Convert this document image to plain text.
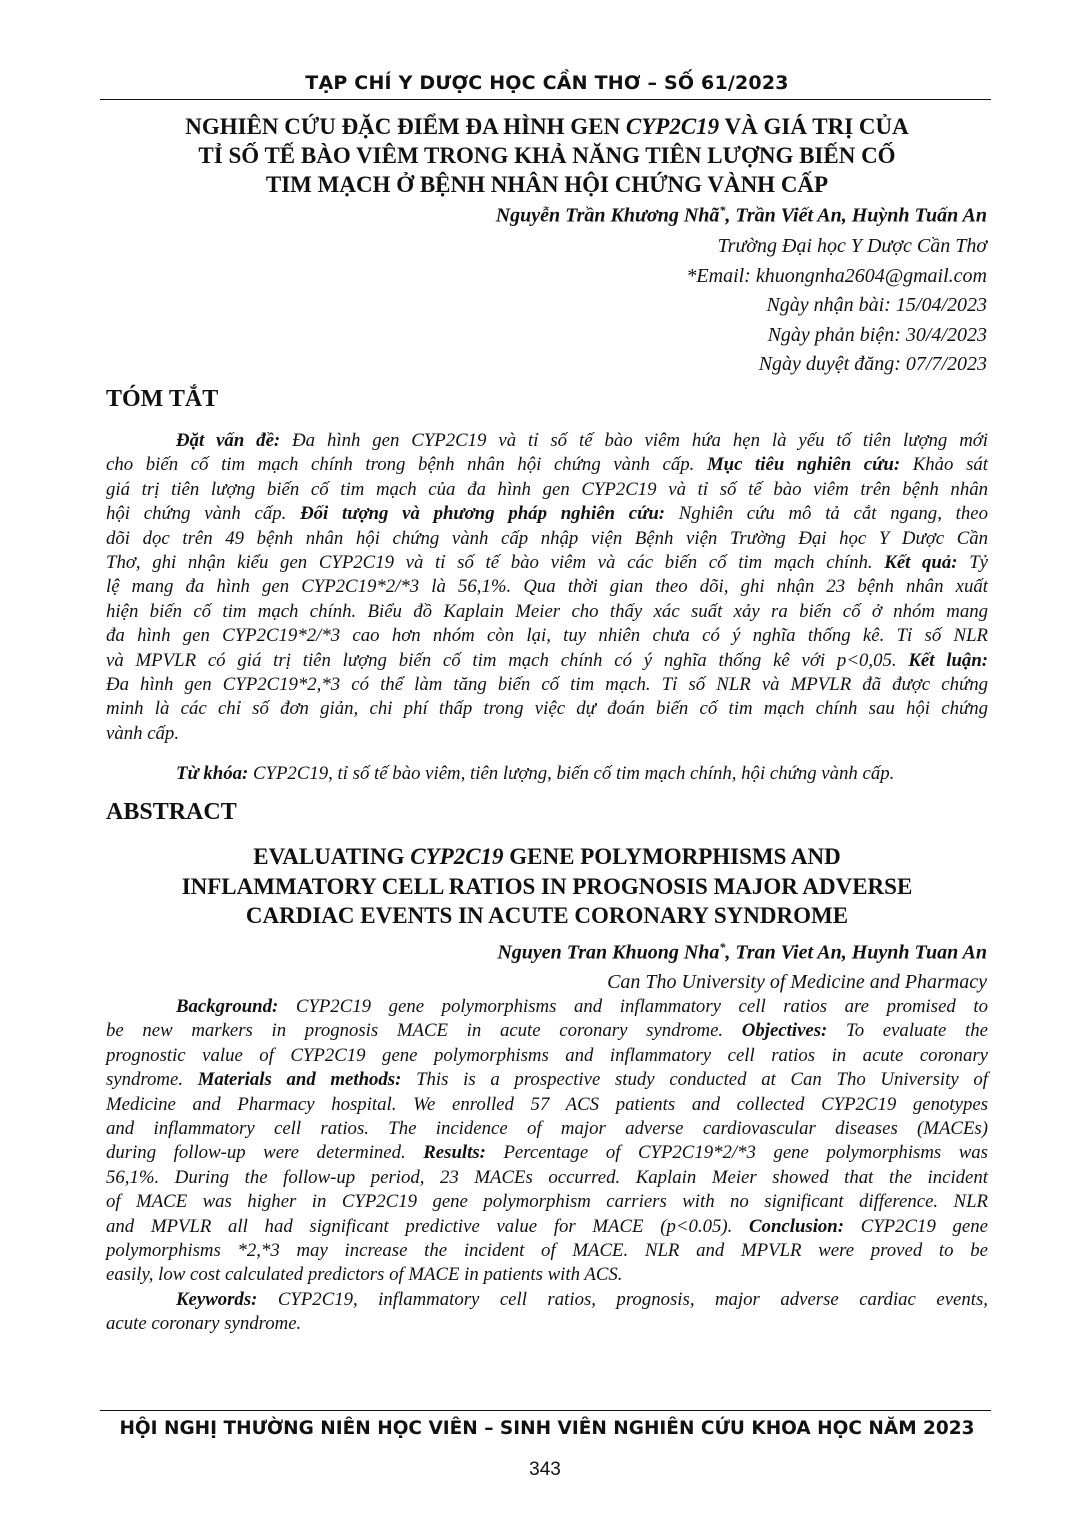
TẠP CHÍ Y DƯỢC HỌC CẦN THƠ – SỐ 61/2023
NGHIÊN CỨU ĐẶC ĐIỂM ĐA HÌNH GEN CYP2C19 VÀ GIÁ TRỊ CỦA
TỈ SỐ TẾ BÀO VIÊM TRONG KHẢ NĂNG TIÊN LƯỢNG BIẾN CỐ
TIM MẠCH Ở BỆNH NHÂN HỘI CHỨNG VÀNH CẤP
Nguyễn Trần Khương Nhã*, Trần Viết An, Huỳnh Tuấn An
Trường Đại học Y Dược Cần Thơ
*Email: khuongnha2604@gmail.com
Ngày nhận bài: 15/04/2023
Ngày phản biện: 30/4/2023
Ngày duyệt đăng: 07/7/2023
TÓM TẮT
Đặt vấn đề: Đa hình gen CYP2C19 và tỉ số tế bào viêm hứa hẹn là yếu tố tiên lượng mới
cho biến cố tim mạch chính trong bệnh nhân hội chứng vành cấp. Mục tiêu nghiên cứu: Khảo sát
giá trị tiên lượng biến cố tim mạch của đa hình gen CYP2C19 và tỉ số tế bào viêm trên bệnh nhân
hội chứng vành cấp. Đối tượng và phương pháp nghiên cứu: Nghiên cứu mô tả cắt ngang, theo
dõi dọc trên 49 bệnh nhân hội chứng vành cấp nhập viện Bệnh viện Trường Đại học Y Dược Cần
Thơ, ghi nhận kiểu gen CYP2C19 và tỉ số tế bào viêm và các biến cố tim mạch chính. Kết quả: Tỷ
lệ mang đa hình gen CYP2C19*2/*3 là 56,1%. Qua thời gian theo dõi, ghi nhận 23 bệnh nhân xuất
hiện biến cố tim mạch chính. Biểu đồ Kaplain Meier cho thấy xác suất xảy ra biến cố ở nhóm mang
đa hình gen CYP2C19*2/*3 cao hơn nhóm còn lại, tuy nhiên chưa có ý nghĩa thống kê. Tỉ số NLR
và MPVLR có giá trị tiên lượng biến cố tim mạch chính có ý nghĩa thống kê với p<0,05. Kết luận:
Đa hình gen CYP2C19*2,*3 có thể làm tăng biến cố tim mạch. Tỉ số NLR và MPVLR đã được chứng
minh là các chỉ số đơn giản, chi phí thấp trong việc dự đoán biến cố tim mạch chính sau hội chứng
vành cấp.
Từ khóa: CYP2C19, tỉ số tế bào viêm, tiên lượng, biến cố tim mạch chính, hội chứng vành cấp.
ABSTRACT
EVALUATING CYP2C19 GENE POLYMORPHISMS AND
INFLAMMATORY CELL RATIOS IN PROGNOSIS MAJOR ADVERSE
CARDIAC EVENTS IN ACUTE CORONARY SYNDROME
Nguyen Tran Khuong Nha*, Tran Viet An, Huynh Tuan An
Can Tho University of Medicine and Pharmacy
Background: CYP2C19 gene polymorphisms and inflammatory cell ratios are promised to
be new markers in prognosis MACE in acute coronary syndrome. Objectives: To evaluate the
prognostic value of CYP2C19 gene polymorphisms and inflammatory cell ratios in acute coronary
syndrome. Materials and methods: This is a prospective study conducted at Can Tho University of
Medicine and Pharmacy hospital. We enrolled 57 ACS patients and collected CYP2C19 genotypes
and inflammatory cell ratios. The incidence of major adverse cardiovascular diseases (MACEs)
during follow-up were determined. Results: Percentage of CYP2C19*2/*3 gene polymorphisms was
56,1%. During the follow-up period, 23 MACEs occurred. Kaplain Meier showed that the incident
of MACE was higher in CYP2C19 gene polymorphism carriers with no significant difference. NLR
and MPVLR all had significant predictive value for MACE (p<0.05). Conclusion: CYP2C19 gene
polymorphisms *2,*3 may increase the incident of MACE. NLR and MPVLR were proved to be
easily, low cost calculated predictors of MACE in patients with ACS.
Keywords: CYP2C19, inflammatory cell ratios, prognosis, major adverse cardiac events,
acute coronary syndrome.
HỘI NGHỊ THƯỜNG NIÊN HỌC VIÊN – SINH VIÊN NGHIÊN CỨU KHOA HỌC NĂM 2023
343
